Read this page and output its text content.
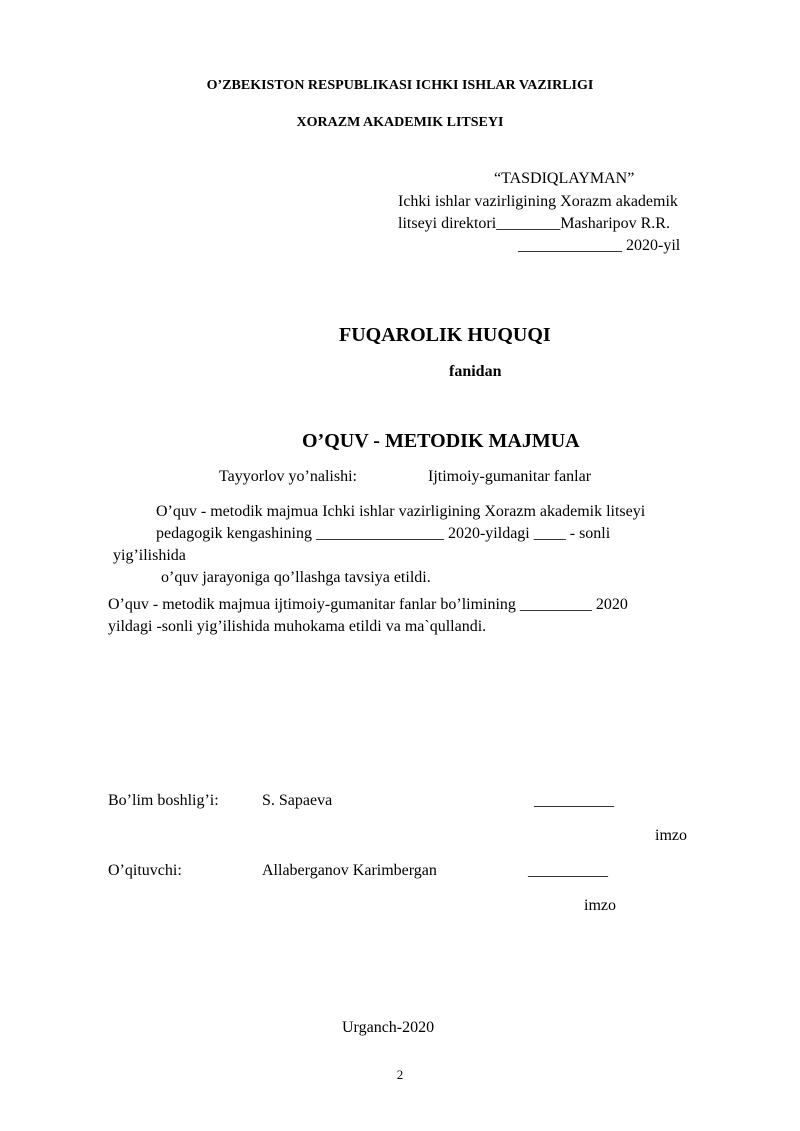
O’ZBEKISTON RESPUBLIKASI ICHKI ISHLAR VAZIRLIGI
XORAZM AKADEMIK LITSEYI
“TASDIQLAYMAN”
Ichki ishlar vazirligining Xorazm akademik
litseyi direktori________Masharipov R.R.
_____________ 2020-yil
FUQAROLIK HUQUQI
fanidan
O’QUV - METODIK MAJMUA
Tayyorlov yo’nalishi:	Ijtimoiy-gumanitar fanlar
O’quv - metodik majmua Ichki ishlar vazirligining Xorazm akademik litseyi
pedagogik kengashining ________________ 2020-yildagi ____ - sonli
yig’ilishida
o’quv jarayoniga qo’llashga tavsiya etildi.
O’quv - metodik majmua ijtimoiy-gumanitar fanlar bo’limining _________ 2020
yildagi -sonli yig’ilishida muhokama etildi va ma`qullandi.
Bo’lim boshlig’i:	S. Sapaeva	__________
imzo
O’qituvchi:	Allaberganov Karimbergan	__________
imzo
Urganch-2020
2
